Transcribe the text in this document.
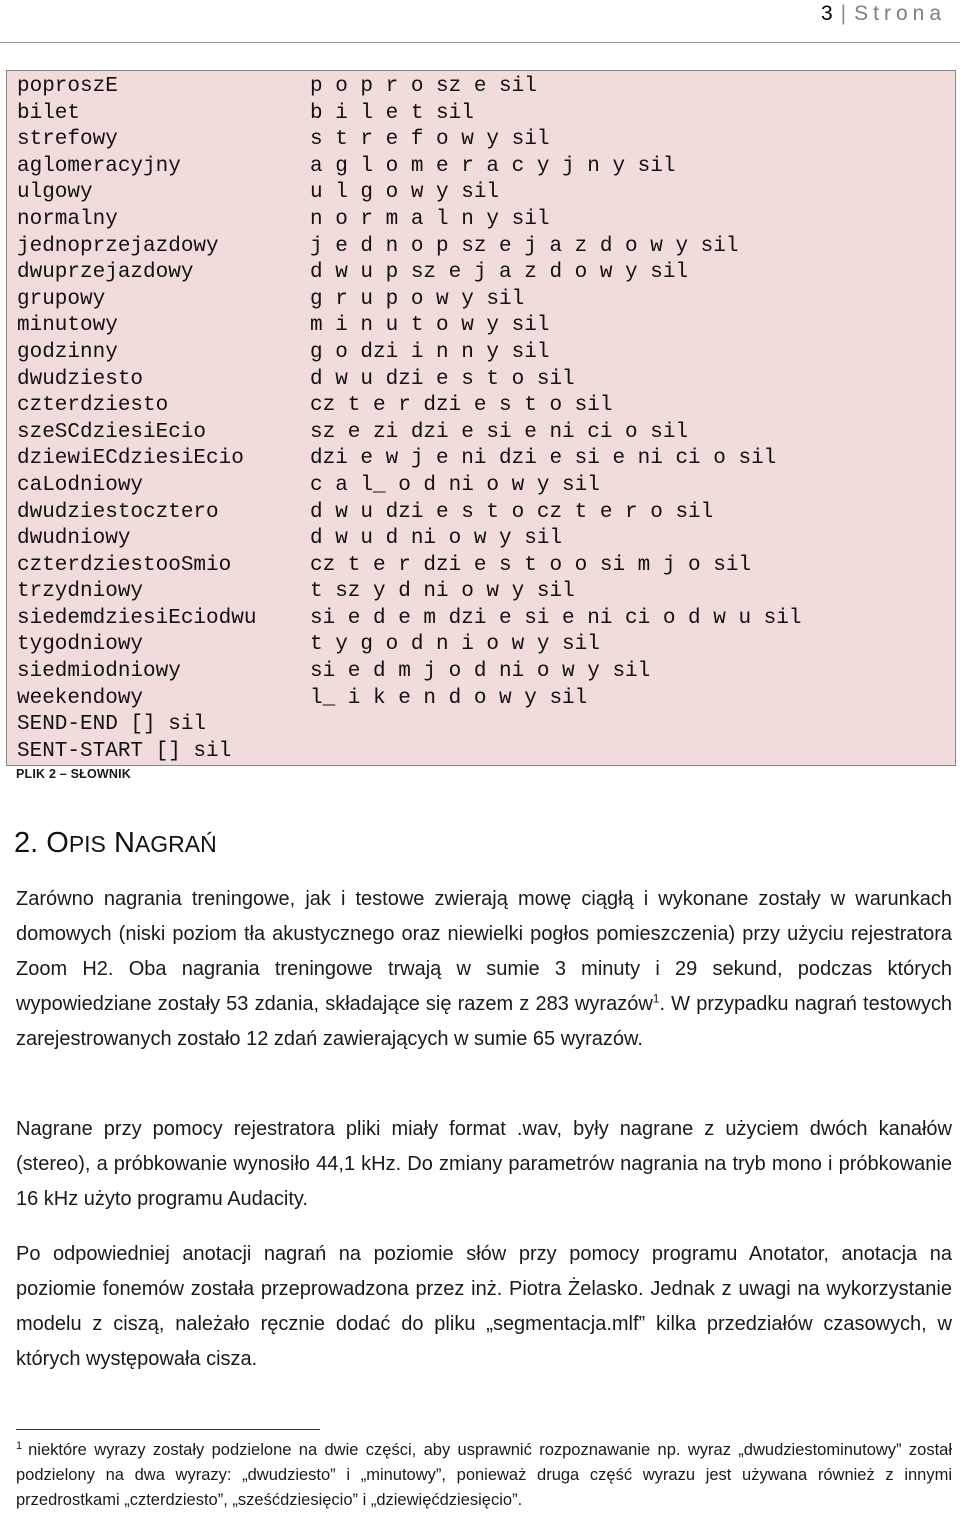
3 | Strona
poproszE
bilet
strefowy
aglomeracyjny
ulgowy
normalny
jednoprzejazdowy
dwuprzejazdowy
grupowy
minutowy
godzinny
dwudziesto
czterdziesto
szeSCdziesiEcio
dziewiECdziesiEcio
caLodniowy
dwudziestocztero
dwudniowy
czterdziestooSmio
trzydniowy
siedemdziesiEciodwu
tygodniowy
siedmiodniowy
weekendowy
SEND-END [] sil
SENT-START [] sil
p o p r o sz e sil
b i l e t sil
s t r e f o w y sil
a g l o m e r a c y j n y sil
u l g o w y sil
n o r m a l n y sil
j e d n o p sz e j a z d o w y sil
d w u p sz e j a z d o w y sil
g r u p o w y sil
m i n u t o w y sil
g o dzi i n n y sil
d w u dzi e s t o sil
cz t e r dzi e s t o sil
sz e zi dzi e si e ni ci o sil
dzi e w j e ni dzi e si e ni ci o sil
c a l_ o d ni o w y sil
d w u dzi e s t o cz t e r o sil
d w u d ni o w y sil
cz t e r dzi e s t o o si m j o sil
t sz y d ni o w y sil
si e d e m dzi e si e ni ci o d w u sil
t y g o d n i o w y sil
si e d m j o d ni o w y sil
l_ i k e n d o w y sil
PLIK 2 – SŁOWNIK
2. OPIS NAGRAŃ
Zarówno nagrania treningowe, jak i testowe zwierają mowę ciągłą i wykonane zostały w warunkach domowych (niski poziom tła akustycznego oraz niewielki pogłos pomieszczenia) przy użyciu rejestratora Zoom H2. Oba nagrania treningowe trwają w sumie 3 minuty i 29 sekund, podczas których wypowiedziane zostały 53 zdania, składające się razem z 283 wyrazów$^1$. W przypadku nagrań testowych zarejestrowanych zostało 12 zdań zawierających w sumie 65 wyrazów.
Nagrane przy pomocy rejestratora pliki miały format .wav, były nagrane z użyciem dwóch kanałów (stereo), a próbkowanie wynosiło 44,1 kHz. Do zmiany parametrów nagrania na tryb mono i próbkowanie 16 kHz użyto programu Audacity.
Po odpowiedniej anotacji nagrań na poziomie słów przy pomocy programu Anotator, anotacja na poziomie fonemów została przeprowadzona przez inż. Piotra Żelasko. Jednak z uwagi na wykorzystanie modelu z ciszą, należało ręcznie dodać do pliku „segmentacja.mlf” kilka przedziałów czasowych, w których występowała cisza.
$^1$ niektóre wyrazy zostały podzielone na dwie części, aby usprawnić rozpoznawanie np. wyraz „dwudziestominutowy” został podzielony na dwa wyrazy: „dwudziesto” i „minutowy”, ponieważ druga część wyrazu jest używana również z innymi przedrostkami „czterdziesto”, „sześćdziesięcio” i „dziewięćdziesięcio”.
